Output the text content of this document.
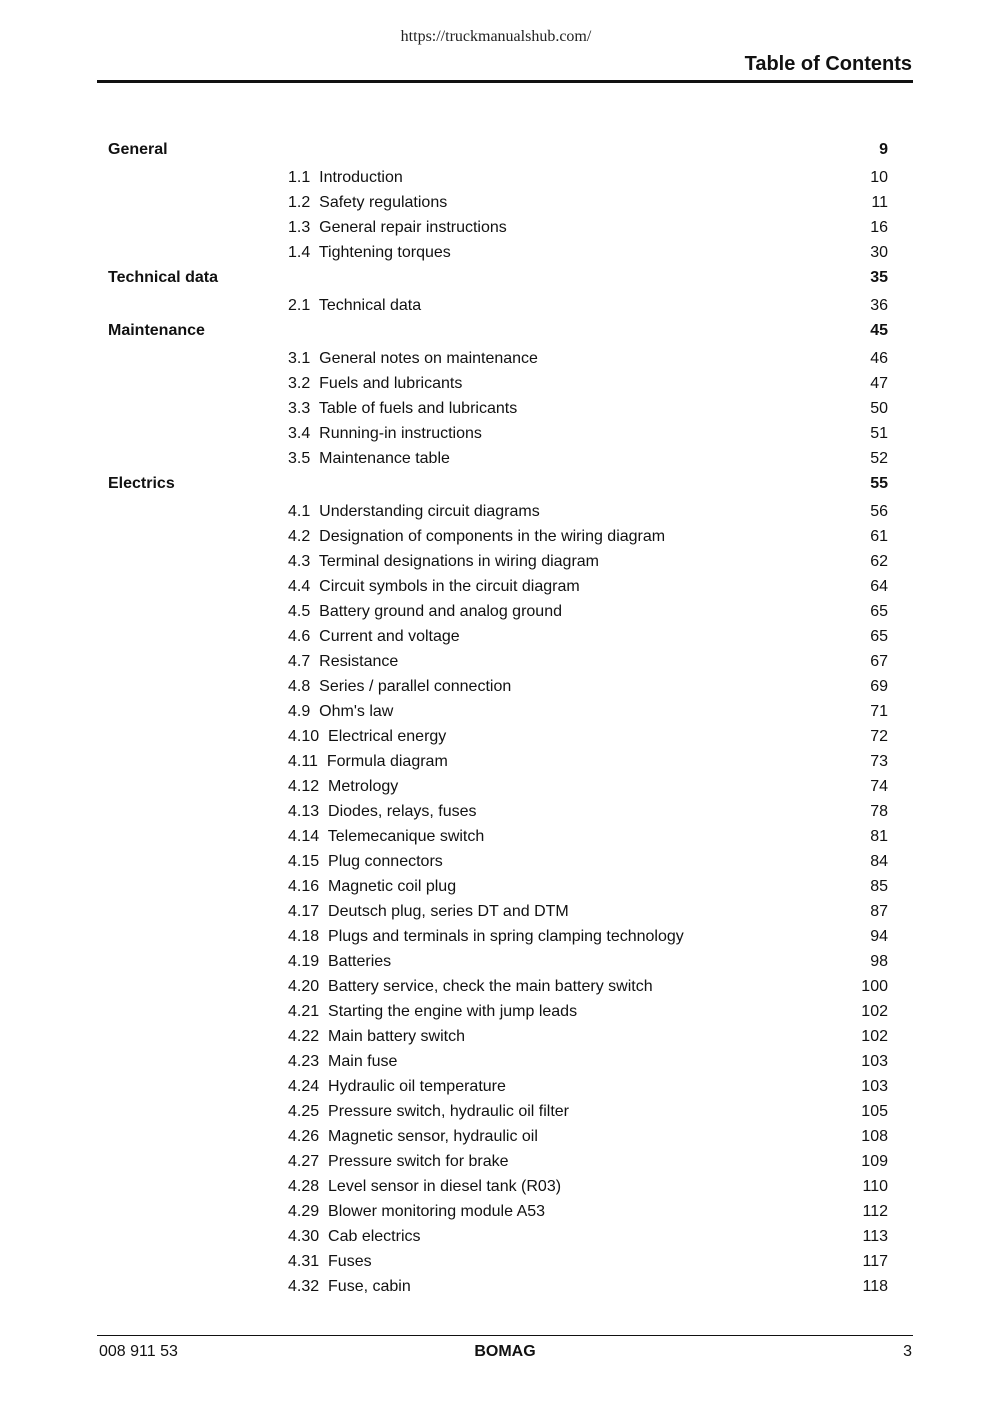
https://truckmanualshub.com/
Table of Contents
General	9
1.1 Introduction	10
1.2 Safety regulations	11
1.3 General repair instructions	16
1.4 Tightening torques	30
Technical data	35
2.1 Technical data	36
Maintenance	45
3.1 General notes on maintenance	46
3.2 Fuels and lubricants	47
3.3 Table of fuels and lubricants	50
3.4 Running-in instructions	51
3.5 Maintenance table	52
Electrics	55
4.1 Understanding circuit diagrams	56
4.2 Designation of components in the wiring diagram	61
4.3 Terminal designations in wiring diagram	62
4.4 Circuit symbols in the circuit diagram	64
4.5 Battery ground and analog ground	65
4.6 Current and voltage	65
4.7 Resistance	67
4.8 Series / parallel connection	69
4.9 Ohm's law	71
4.10 Electrical energy	72
4.11 Formula diagram	73
4.12 Metrology	74
4.13 Diodes, relays, fuses	78
4.14 Telemecanique switch	81
4.15 Plug connectors	84
4.16 Magnetic coil plug	85
4.17 Deutsch plug, series DT and DTM	87
4.18 Plugs and terminals in spring clamping technology	94
4.19 Batteries	98
4.20 Battery service, check the main battery switch	100
4.21 Starting the engine with jump leads	102
4.22 Main battery switch	102
4.23 Main fuse	103
4.24 Hydraulic oil temperature	103
4.25 Pressure switch, hydraulic oil filter	105
4.26 Magnetic sensor, hydraulic oil	108
4.27 Pressure switch for brake	109
4.28 Level sensor in diesel tank (R03)	110
4.29 Blower monitoring module A53	112
4.30 Cab electrics	113
4.31 Fuses	117
4.32 Fuse, cabin	118
008 911 53	BOMAG	3
